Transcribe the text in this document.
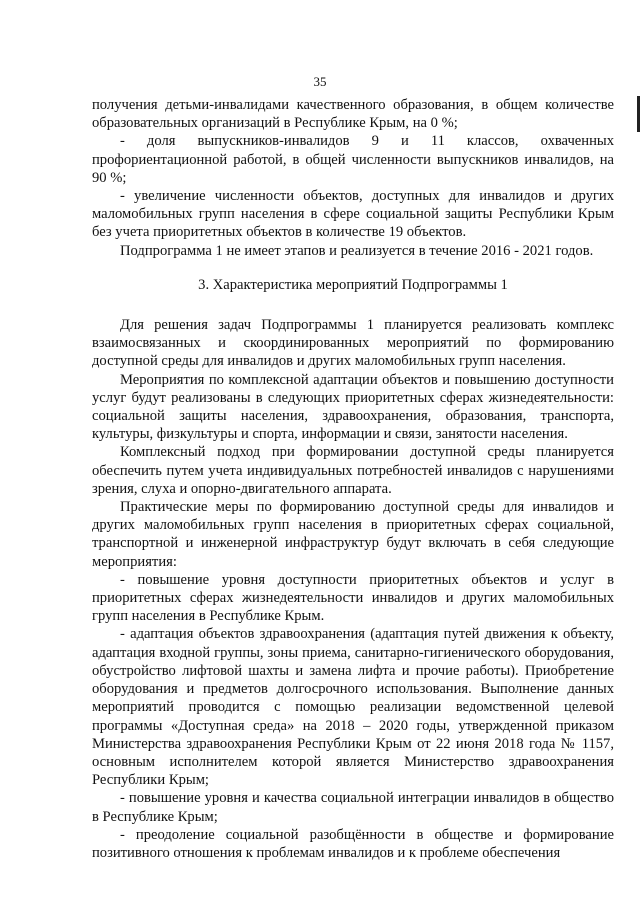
35

получения детьми-инвалидами качественного образования, в общем количестве образовательных организаций в Республике Крым, на 0 %;

- доля выпускников-инвалидов 9 и 11 классов, охваченных профориентационной работой, в общей численности выпускников инвалидов, на 90 %;

- увеличение численности объектов, доступных для инвалидов и других маломобильных групп населения в сфере социальной защиты Республики Крым без учета приоритетных объектов в количестве 19 объектов.

Подпрограмма 1 не имеет этапов и реализуется в течение 2016 - 2021 годов.

3. Характеристика мероприятий Подпрограммы 1

Для решения задач Подпрограммы 1 планируется реализовать комплекс взаимосвязанных и скоординированных мероприятий по формированию доступной среды для инвалидов и других маломобильных групп населения.

Мероприятия по комплексной адаптации объектов и повышению доступности услуг будут реализованы в следующих приоритетных сферах жизнедеятельности: социальной защиты населения, здравоохранения, образования, транспорта, культуры, физкультуры и спорта, информации и связи, занятости населения.

Комплексный подход при формировании доступной среды планируется обеспечить путем учета индивидуальных потребностей инвалидов с нарушениями зрения, слуха и опорно-двигательного аппарата.

Практические меры по формированию доступной среды для инвалидов и других маломобильных групп населения в приоритетных сферах социальной, транспортной и инженерной инфраструктур будут включать в себя следующие мероприятия:

- повышение уровня доступности приоритетных объектов и услуг в приоритетных сферах жизнедеятельности инвалидов и других маломобильных групп населения в Республике Крым.

- адаптация объектов здравоохранения (адаптация путей движения к объекту, адаптация входной группы, зоны приема, санитарно-гигиенического оборудования, обустройство лифтовой шахты и замена лифта и прочие работы). Приобретение оборудования и предметов долгосрочного использования. Выполнение данных мероприятий проводится с помощью реализации ведомственной целевой программы «Доступная среда» на 2018 – 2020 годы, утвержденной приказом Министерства здравоохранения Республики Крым от 22 июня 2018 года № 1157, основным исполнителем которой является Министерство здравоохранения Республики Крым;

- повышение уровня и качества социальной интеграции инвалидов в общество в Республике Крым;

- преодоление социальной разобщённости в обществе и формирование позитивного отношения к проблемам инвалидов и к проблеме обеспечения
